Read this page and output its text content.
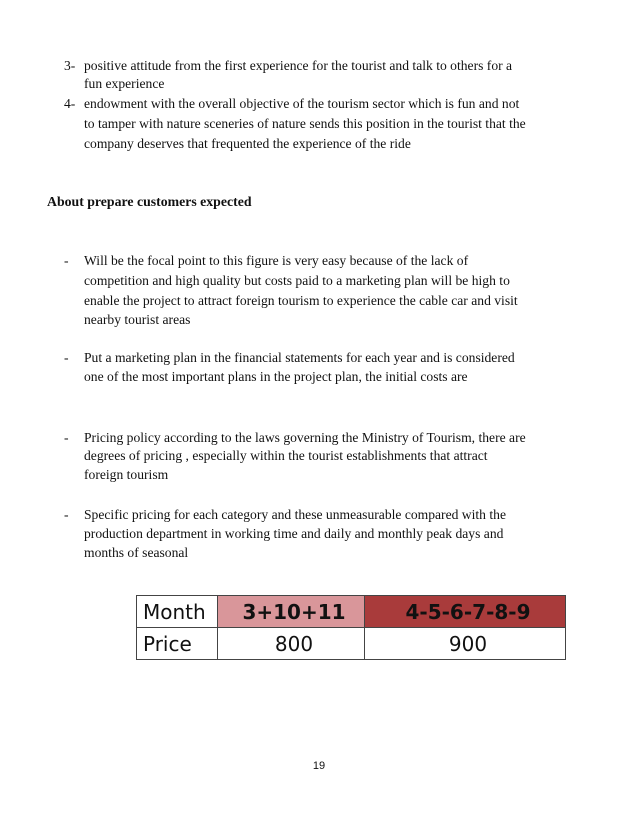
3- positive attitude from the first experience for the tourist and talk to others for a
fun experience
4- endowment with the overall objective of the tourism sector which is fun and not
to tamper with nature sceneries of nature sends this position in the tourist that the
company deserves that frequented the experience of the ride
About prepare customers expected
- Will be the focal point to this figure is very easy because of the lack of
competition and high quality but costs paid to a marketing plan will be high to
enable the project to attract foreign tourism to experience the cable car and visit
nearby tourist areas
- Put a marketing plan in the financial statements for each year and is considered
one of the most important plans in the project plan, the initial costs are
- Pricing policy according to the laws governing the Ministry of Tourism, there are
degrees of pricing , especially within the tourist establishments that attract
foreign tourism
- Specific pricing for each category and these unmeasurable compared with the
production department in working time and daily and monthly peak days and
months of seasonal
Month	3+10+11	4-5-6-7-8-9
Price	800	900
19
